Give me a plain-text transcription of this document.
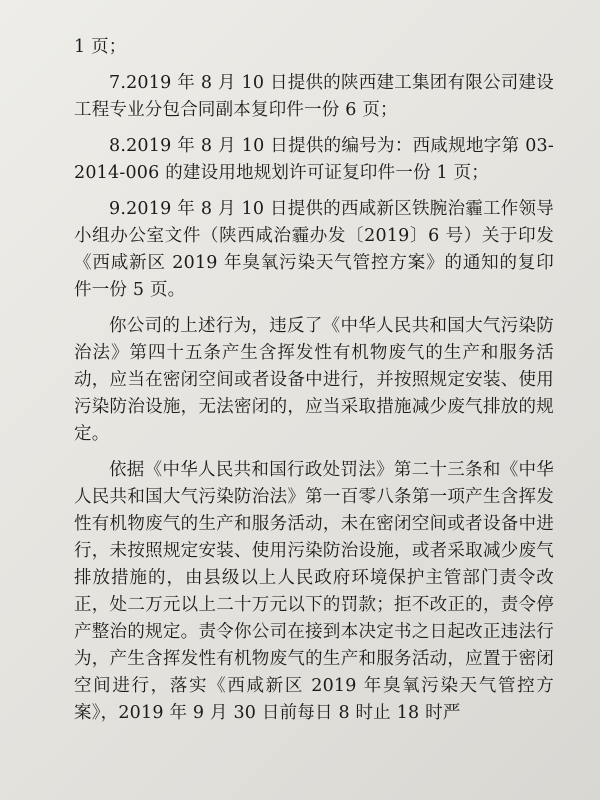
1 页；

7.2019 年 8 月 10 日提供的陕西建工集团有限公司建设工程专业分包合同副本复印件一份 6 页；

8.2019 年 8 月 10 日提供的编号为：西咸规地字第 03-2014-006 的建设用地规划许可证复印件一份 1 页；

9.2019 年 8 月 10 日提供的西咸新区铁腕治霾工作领导小组办公室文件（陕西咸治霾办发〔2019〕6 号）关于印发《西咸新区 2019 年臭氧污染天气管控方案》的通知的复印件一份 5 页。

你公司的上述行为，违反了《中华人民共和国大气污染防治法》第四十五条产生含挥发性有机物废气的生产和服务活动，应当在密闭空间或者设备中进行，并按照规定安装、使用污染防治设施，无法密闭的，应当采取措施减少废气排放的规定。

依据《中华人民共和国行政处罚法》第二十三条和《中华人民共和国大气污染防治法》第一百零八条第一项产生含挥发性有机物废气的生产和服务活动，未在密闭空间或者设备中进行，未按照规定安装、使用污染防治设施，或者采取减少废气排放措施的，由县级以上人民政府环境保护主管部门责令改正，处二万元以上二十万元以下的罚款；拒不改正的，责令停产整治的规定。责令你公司在接到本决定书之日起改正违法行为，产生含挥发性有机物废气的生产和服务活动，应置于密闭空间进行，落实《西咸新区 2019 年臭氧污染天气管控方案》，2019 年 9 月 30 日前每日 8 时止 18 时严
